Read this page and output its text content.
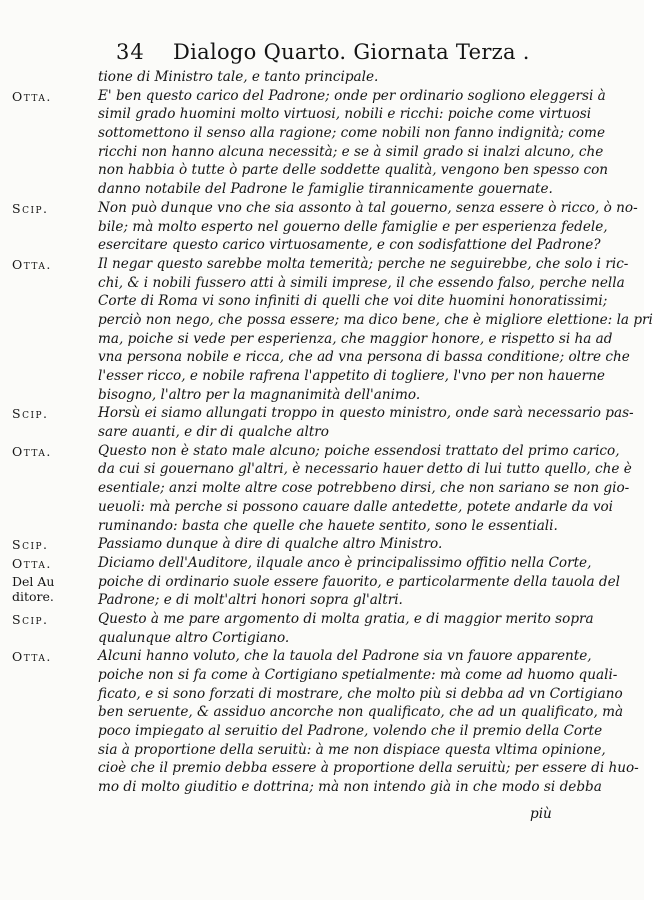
34 Dialogo Quarto. Giornata Terza .
tione di Ministro tale, e tanto principale.
Otta.	E' ben questo carico del Padrone; onde per ordinario sogliono eleggersi à
simil grado huomini molto virtuosi, nobili e ricchi: poiche come virtuosi
sottomettono il senso alla ragione; come nobili non fanno indignità; come
ricchi non hanno alcuna necessità; e se à simil grado si inalzi alcuno, che
non habbia ò tutte ò parte delle soddette qualità, vengono ben spesso con
danno notabile del Padrone le famiglie tirannicamente gouernate.
Scip.	Non può dunque vno che sia assonto à tal gouerno, senza essere ò ricco, ò no-
bile; mà molto esperto nel gouerno delle famiglie e per esperienza fedele,
esercitare questo carico virtuosamente, e con sodisfattione del Padrone?
Otta.	Il negar questo sarebbe molta temerità; perche ne seguirebbe, che solo i ric-
chi, & i nobili fussero atti à simili imprese, il che essendo falso, perche nella
Corte di Roma vi sono infiniti di quelli che voi dite huomini honoratissimi;
perciò non nego, che possa essere; ma dico bene, che è migliore elettione: la pri
ma, poiche si vede per esperienza, che maggior honore, e rispetto si ha ad
vna persona nobile e ricca, che ad vna persona di bassa conditione; oltre che
l'esser ricco, e nobile rafrena l'appetito di togliere, l'vno per non hauerne
bisogno, l'altro per la magnanimità dell'animo.
Scip.	Horsù ei siamo allungati troppo in questo ministro, onde sarà necessario pas-
sare auanti, e dir di qualche altro
Otta.	Questo non è stato male alcuno; poiche essendosi trattato del primo carico,
da cui si gouernano gl'altri, è necessario hauer detto di lui tutto quello, che è
esentiale; anzi molte altre cose potrebbeno dirsi, che non sariano se non gio-
ueuoli: mà perche si possono cauare dalle antedette, potete andarle da voi
ruminando: basta che quelle che hauete sentito, sono le essentiali.
Scip.	Passiamo dunque à dire di qualche altro Ministro.
Otta.
Del Au ditore.
Diciamo dell'Auditore, ilquale anco è principalissimo offitio nella Corte,
poiche di ordinario suole essere fauorito, e particolarmente della tauola del
Padrone; e di molt'altri honori sopra gl'altri.
Scip.	Questo à me pare argomento di molta gratia, e di maggior merito sopra
qualunque altro Cortigiano.
Otta.	Alcuni hanno voluto, che la tauola del Padrone sia vn fauore apparente,
poiche non si fa come à Cortigiano spetialmente: mà come ad huomo quali-
ficato, e si sono forzati di mostrare, che molto più si debba ad vn Cortigiano
ben seruente, & assiduo ancorche non qualificato, che ad un qualificato, mà
poco impiegato al seruitio del Padrone, volendo che il premio della Corte
sia à proportione della seruitù: à me non dispiace questa vltima opinione,
cioè che il premio debba essere à proportione della seruitù; per essere di huo-
mo di molto giuditio e dottrina; mà non intendo già in che modo si debba
più
